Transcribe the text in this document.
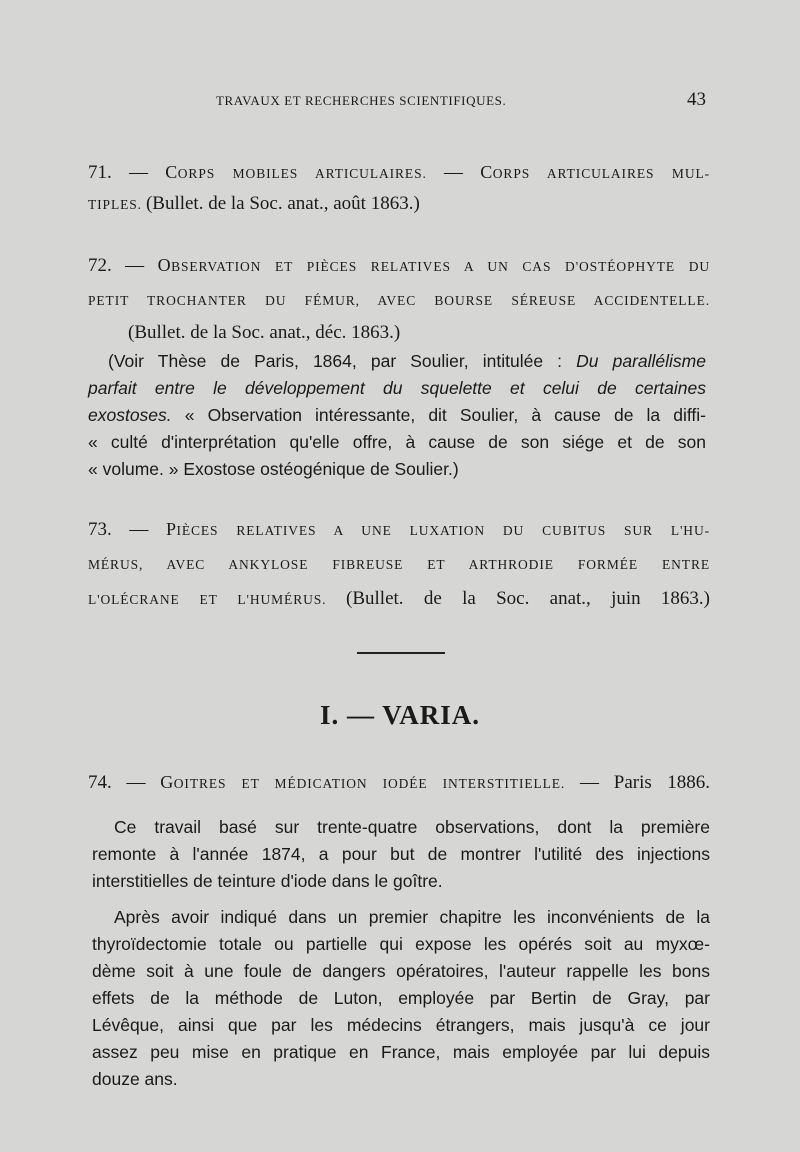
TRAVAUX ET RECHERCHES SCIENTIFIQUES.	43
71. — CORPS MOBILES ARTICULAIRES. — CORPS ARTICULAIRES MUL-
TIPLES. (Bullet. de la Soc. anat., août 1863.)
72. — OBSERVATION ET PIÈCES RELATIVES A UN CAS D'OSTÉOPHYTE DU
PETIT TROCHANTER DU FÉMUR, AVEC BOURSE SÉREUSE ACCIDENTELLE.
(Bullet. de la Soc. anat., déc. 1863.)
(Voir Thèse de Paris, 1864, par Soulier, intitulée : Du parallélisme
parfait entre le développement du squelette et celui de certaines
exostoses. « Observation intéressante, dit Soulier, à cause de la diffi-
« culté d'interprétation qu'elle offre, à cause de son siége et de son
« volume. » Exostose ostéogénique de Soulier.)
73. — PIÈCES RELATIVES A UNE LUXATION DU CUBITUS SUR L'HU-
MÉRUS, AVEC ANKYLOSE FIBREUSE ET ARTHRODIE FORMÉE ENTRE
L'OLÉCRANE ET L'HUMÉRUS. (Bullet. de la Soc. anat., juin 1863.)
I. — VARIA.
74. — GOITRES ET MÉDICATION IODÉE INTERSTITIELLE. — Paris 1886.
Ce travail basé sur trente-quatre observations, dont la première
remonte à l'année 1874, a pour but de montrer l'utilité des injections
interstitielles de teinture d'iode dans le goître.
Après avoir indiqué dans un premier chapitre les inconvénients de la
thyroïdectomie totale ou partielle qui expose les opérés soit au myxœ-
dème soit à une foule de dangers opératoires, l'auteur rappelle les bons
effets de la méthode de Luton, employée par Bertin de Gray, par
Lévêque, ainsi que par les médecins étrangers, mais jusqu'à ce jour
assez peu mise en pratique en France, mais employée par lui depuis
douze ans.
